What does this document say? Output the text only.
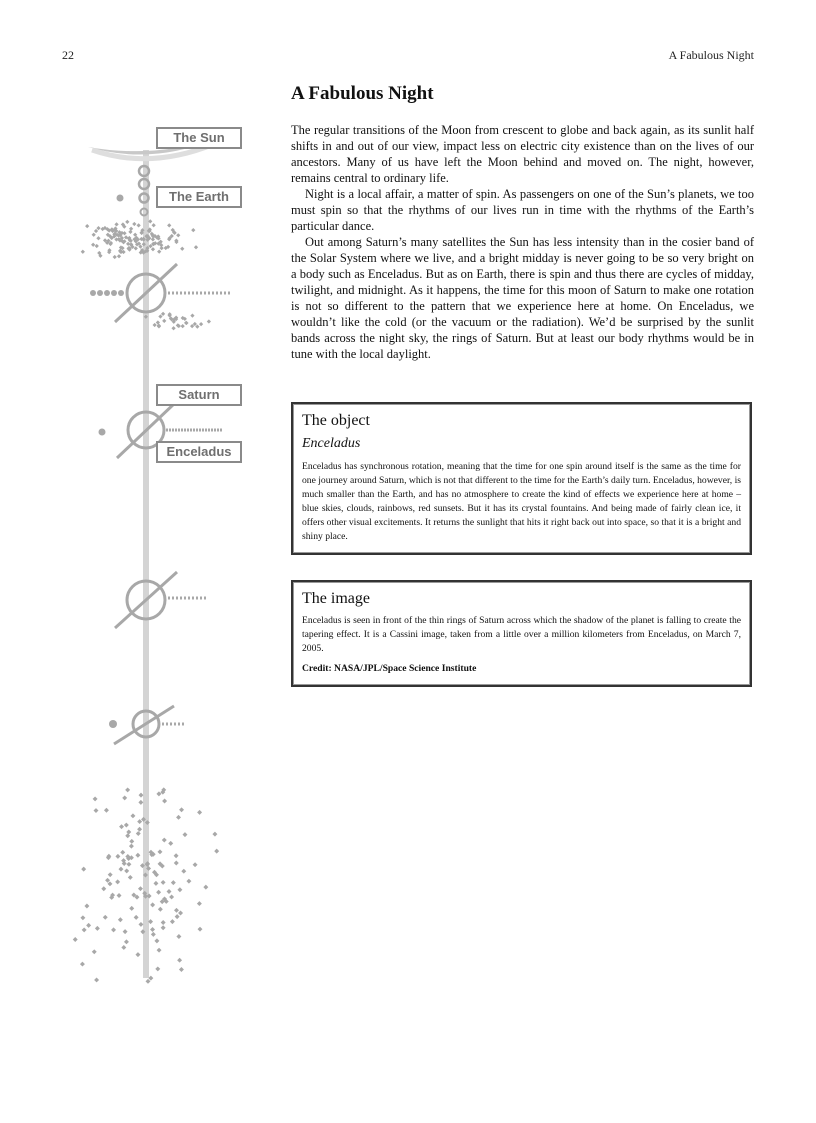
22	A Fabulous Night
The Sun
The Earth
Saturn
Enceladus
A Fabulous Night

The regular transitions of the Moon from crescent to globe and back again, as its sunlit half shifts in and out of our view, impact less on electric city existence than on the lives of our ancestors. Many of us have left the Moon behind and moved on. The night, however, remains central to ordinary life.

Night is a local affair, a matter of spin. As passengers on one of the Sun’s planets, we too must spin so that the rhythms of our lives run in time with the rhythms of the Earth’s particular dance.

Out among Saturn’s many satellites the Sun has less intensity than in the cosier band of the Solar System where we live, and a bright midday is never going to be so very bright on a body such as Enceladus. But as on Earth, there is spin and thus there are cycles of midday, twilight, and midnight. As it happens, the time for this moon of Saturn to make one rotation is not so different to the pattern that we experience here at home. On Enceladus, we wouldn’t like the cold (or the vacuum or the radiation). We’d be surprised by the sunlit bands across the night sky, the rings of Saturn. But at least our body rhythms would be in tune with the local daylight.

The object
Enceladus

Enceladus has synchronous rotation, meaning that the time for one spin around itself is the same as the time for one journey around Saturn, which is not that different to the time for the Earth’s daily turn. Enceladus, however, is much smaller than the Earth, and has no atmosphere to create the kind of effects we experience here at home – blue skies, clouds, rainbows, red sunsets. But it has its crystal fountains. And being made of fairly clean ice, it offers other visual excitements. It returns the sunlight that hits it right back out into space, so that it is a bright and shiny place.

The image

Enceladus is seen in front of the thin rings of Saturn across which the shadow of the planet is falling to create the tapering effect. It is a Cassini image, taken from a little over a million kilometers from Enceladus, on March 7, 2005.

Credit: NASA/JPL/Space Science Institute
